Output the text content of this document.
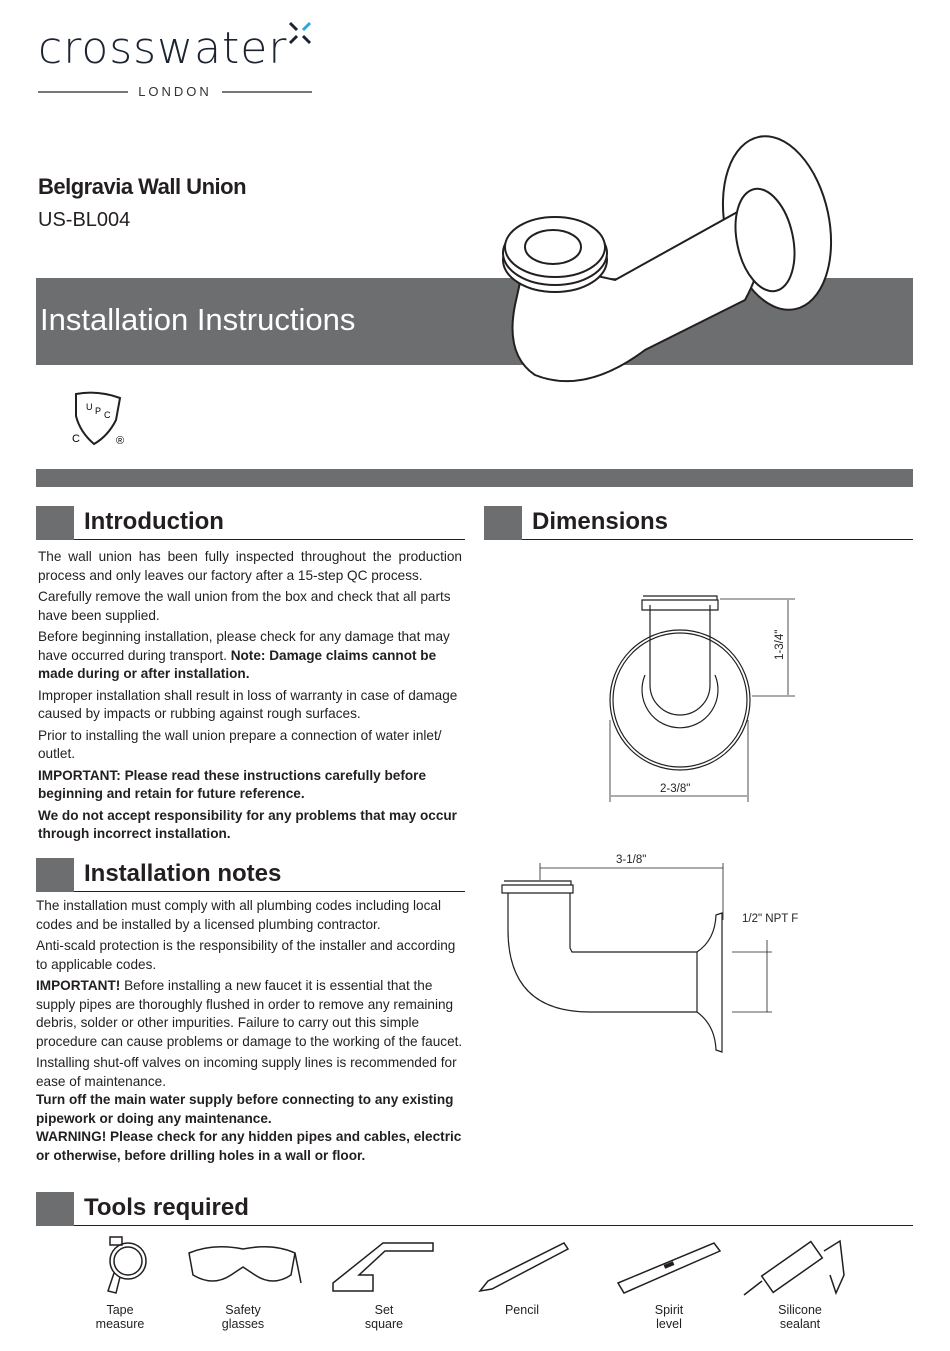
crosswater
LONDON
Belgravia Wall Union
US-BL004
Installation Instructions
U P C
C	®
Introduction

The wall union has been fully inspected throughout the production process and only leaves our factory after a 15-step QC process.

Carefully remove the wall union from the box and check that all parts have been supplied.

Before beginning installation, please check for any damage that may have occurred during transport. Note: Damage claims cannot be made during or after installation.

Improper installation shall result in loss of warranty in case of damage caused by impacts or rubbing against rough surfaces.

Prior to installing the wall union prepare a connection of water inlet/ outlet.

IMPORTANT: Please read these instructions carefully before beginning and retain for future reference.

We do not accept responsibility for any problems that may occur through incorrect installation.

Dimensions
1-3/4"
2-3/8"
3-1/8"
1/2" NPT F
Installation notes

The installation must comply with all plumbing codes including local codes and be installed by a licensed plumbing contractor.

Anti-scald protection is the responsibility of the installer and according to applicable codes.

IMPORTANT! Before installing a new faucet it is essential that the supply pipes are thoroughly flushed in order to remove any remaining debris, solder or other impurities. Failure to carry out this simple procedure can cause problems or damage to the working of the faucet.

Installing shut-off valves on incoming supply lines is recommended for ease of maintenance.

Turn off the main water supply before connecting to any existing pipework or doing any maintenance.

WARNING! Please check for any hidden pipes and cables, electric or otherwise, before drilling holes in a wall or floor.

Tools required
Tape
measure
Safety
glasses
Set
square
Pencil	Spirit
level
Silicone
sealant
